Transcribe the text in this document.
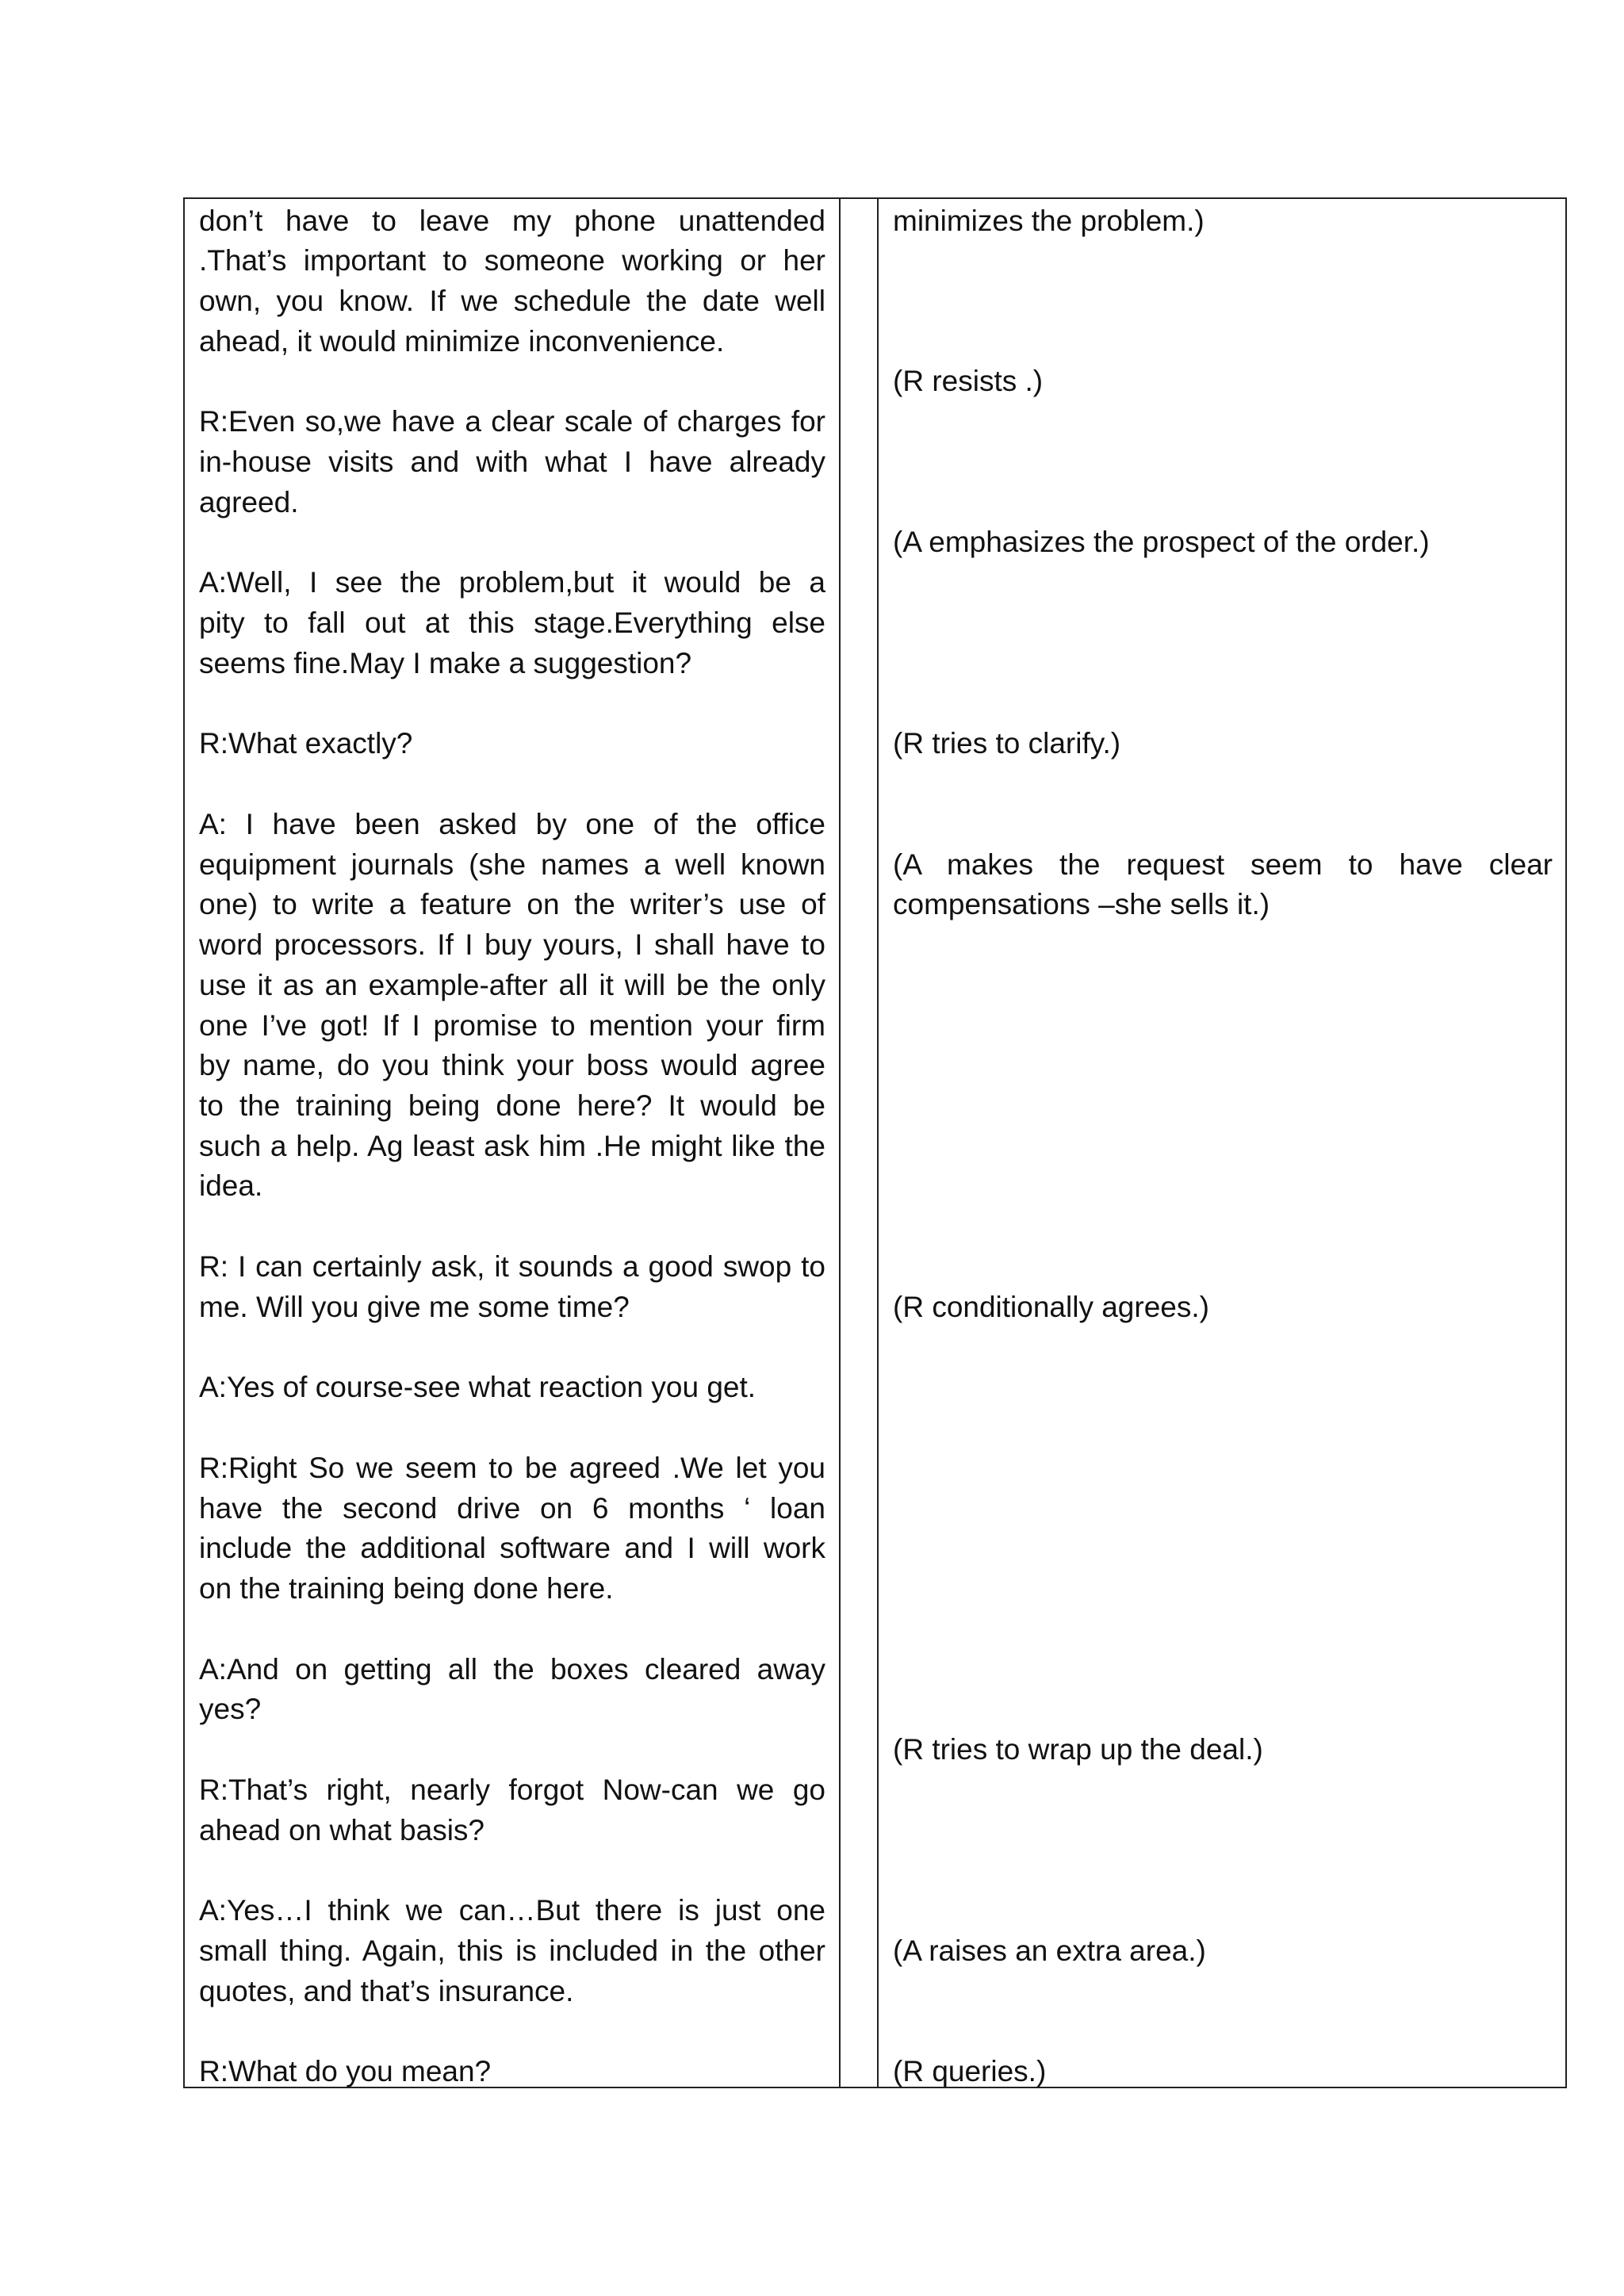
don’t have to leave my phone unattended
.That’s important to someone working or her
own, you know. If we schedule the date well
ahead, it would minimize inconvenience.
R:Even so,we have a clear scale of charges for
in-house visits and with what I have already
agreed.
A:Well, I see the problem,but it would be a
pity to fall out at this stage.Everything else
seems fine.May I make a suggestion?
R:What exactly?
A: I have been asked by one of the office
equipment journals (she names a well known
one) to write a feature on the writer’s use of
word processors. If I buy yours, I shall have to
use it as an example-after all it will be the only
one I’ve got! If I promise to mention your firm
by name, do you think your boss would agree
to the training being done here? It would be
such a help. Ag least ask him .He might like the
idea.
R: I can certainly ask, it sounds a good swop to
me. Will you give me some time?
A:Yes of course-see what reaction you get.
R:Right So we seem to be agreed .We let you
have the second drive on 6 months ‘ loan
include the additional software and I will work
on the training being done here.
A:And on getting all the boxes cleared away
yes?
R:That’s right, nearly forgot Now-can we go
ahead on what basis?
A:Yes…I think we can…But there is just one
small thing. Again, this is included in the other
quotes, and that’s insurance.
R:What do you mean?
minimizes the problem.)
(R resists .)
(A emphasizes the prospect of the order.)
(R tries to clarify.)
(A makes the request seem to have clear
compensations –she sells it.)
(R conditionally agrees.)
(R tries to wrap up the deal.)
(A raises an extra area.)
(R queries.)
